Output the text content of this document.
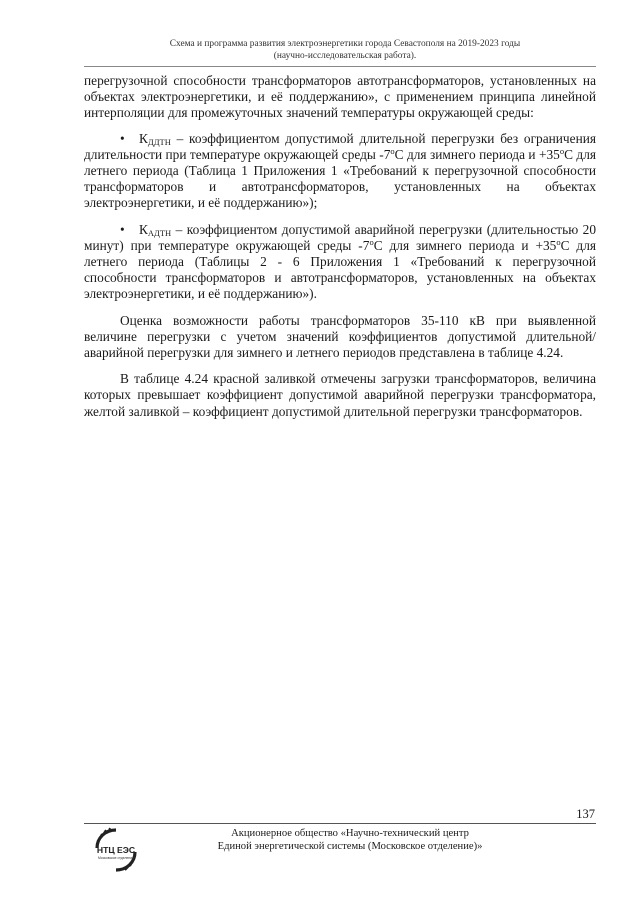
Схема и программа развития электроэнергетики города Севастополя на 2019-2023 годы
(научно-исследовательская работа).

перегрузочной способности трансформаторов автотрансформаторов, установленных на объектах электроэнергетики, и её поддержанию», с применением принципа линейной интерполяции для промежуточных значений температуры окружающей среды:

• $К_{ДДТН}$ – коэффициентом допустимой длительной перегрузки без ограничения длительности при температуре окружающей среды $-7^оС$ для зимнего периода $и +35^оС$ для летнего периода (Таблица 1 Приложения 1 «Требований к перегрузочной способности трансформаторов и автотрансформаторов, установленных на объектах электроэнергетики, и её поддержанию»);

• $К_{АДТН}$ – коэффициентом допустимой аварийной перегрузки (длительностью 20 минут) при температуре окружающей среды $-7^оС$ для зимнего периода $и +35^оС$ для летнего периода (Таблицы 2 - 6 Приложения 1 «Требований к перегрузочной способности трансформаторов и автотрансформаторов, установленных на объектах электроэнергетики, и её поддержанию»).

Оценка возможности работы трансформаторов 35-110 кВ при выявленной величине перегрузки с учетом значений коэффициентов допустимой длительной/аварийной перегрузки для зимнего и летнего периодов представлена в таблице 4.24.

В таблице 4.24 красной заливкой отмечены загрузки трансформаторов, величина которых превышает коэффициент допустимой аварийной перегрузки трансформатора, желтой заливкой – коэффициент допустимой длительной перегрузки трансформаторов.

137
НТЦ ЕЭС
Московское отделение
Акционерное общество «Научно-технический центр
Единой энергетической системы (Московское отделение)»
